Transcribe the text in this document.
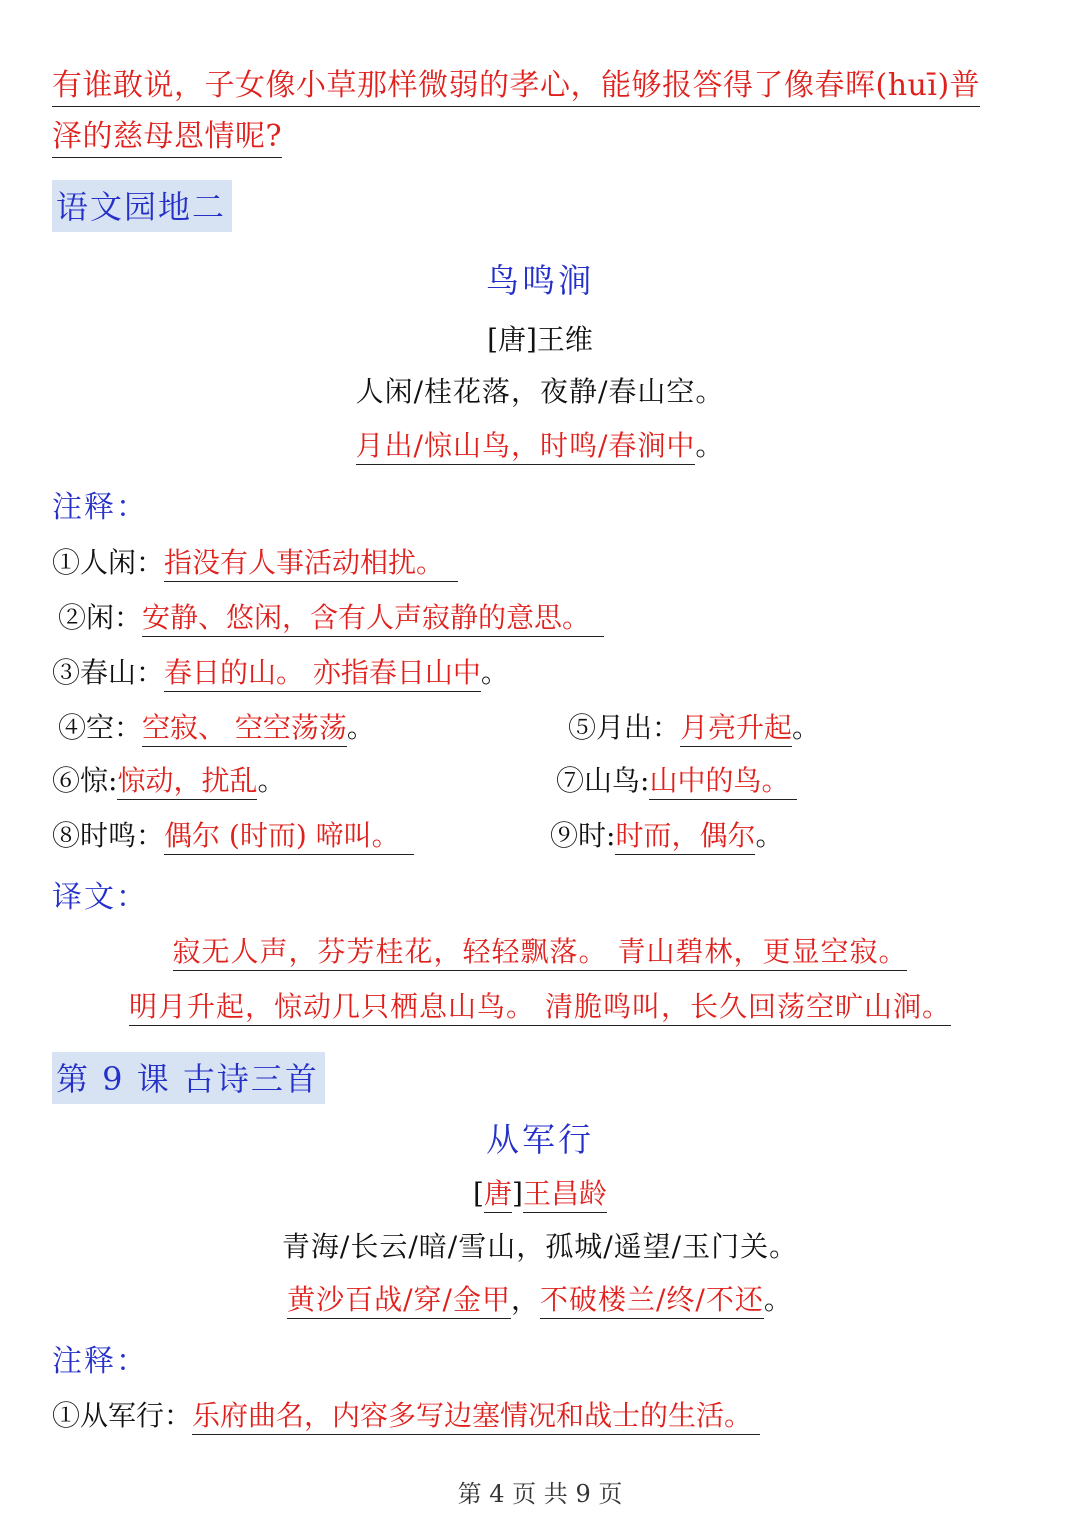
有谁敢说，子女像小草那样微弱的孝心，能够报答得了像春晖(huī)普
泽的慈母恩情呢?
语文园地二
鸟鸣涧
[唐]王维
人闲/桂花落，夜静/春山空。
月出/惊山鸟，时鸣/春涧中。
注释：
①人闲：指没有人事活动相扰。
②闲：安静、悠闲，含有人声寂静的意思。
③春山：春日的山。 亦指春日山中。
④空：空寂、 空空荡荡。	⑤月出：月亮升起。
⑥惊:惊动，扰乱。	⑦山鸟:山中的鸟。
⑧时鸣：偶尔 (时而) 啼叫。	⑨时:时而，偶尔。
译文：
寂无人声，芬芳桂花，轻轻飘落。 青山碧林，更显空寂。
明月升起，惊动几只栖息山鸟。 清脆鸣叫，长久回荡空旷山涧。
第 9 课 古诗三首
从军行
[唐]王昌龄
青海/长云/暗/雪山，孤城/遥望/玉门关。
黄沙百战/穿/金甲，不破楼兰/终/不还。
注释：
①从军行：乐府曲名，内容多写边塞情况和战士的生活。
第 4 页 共 9 页
